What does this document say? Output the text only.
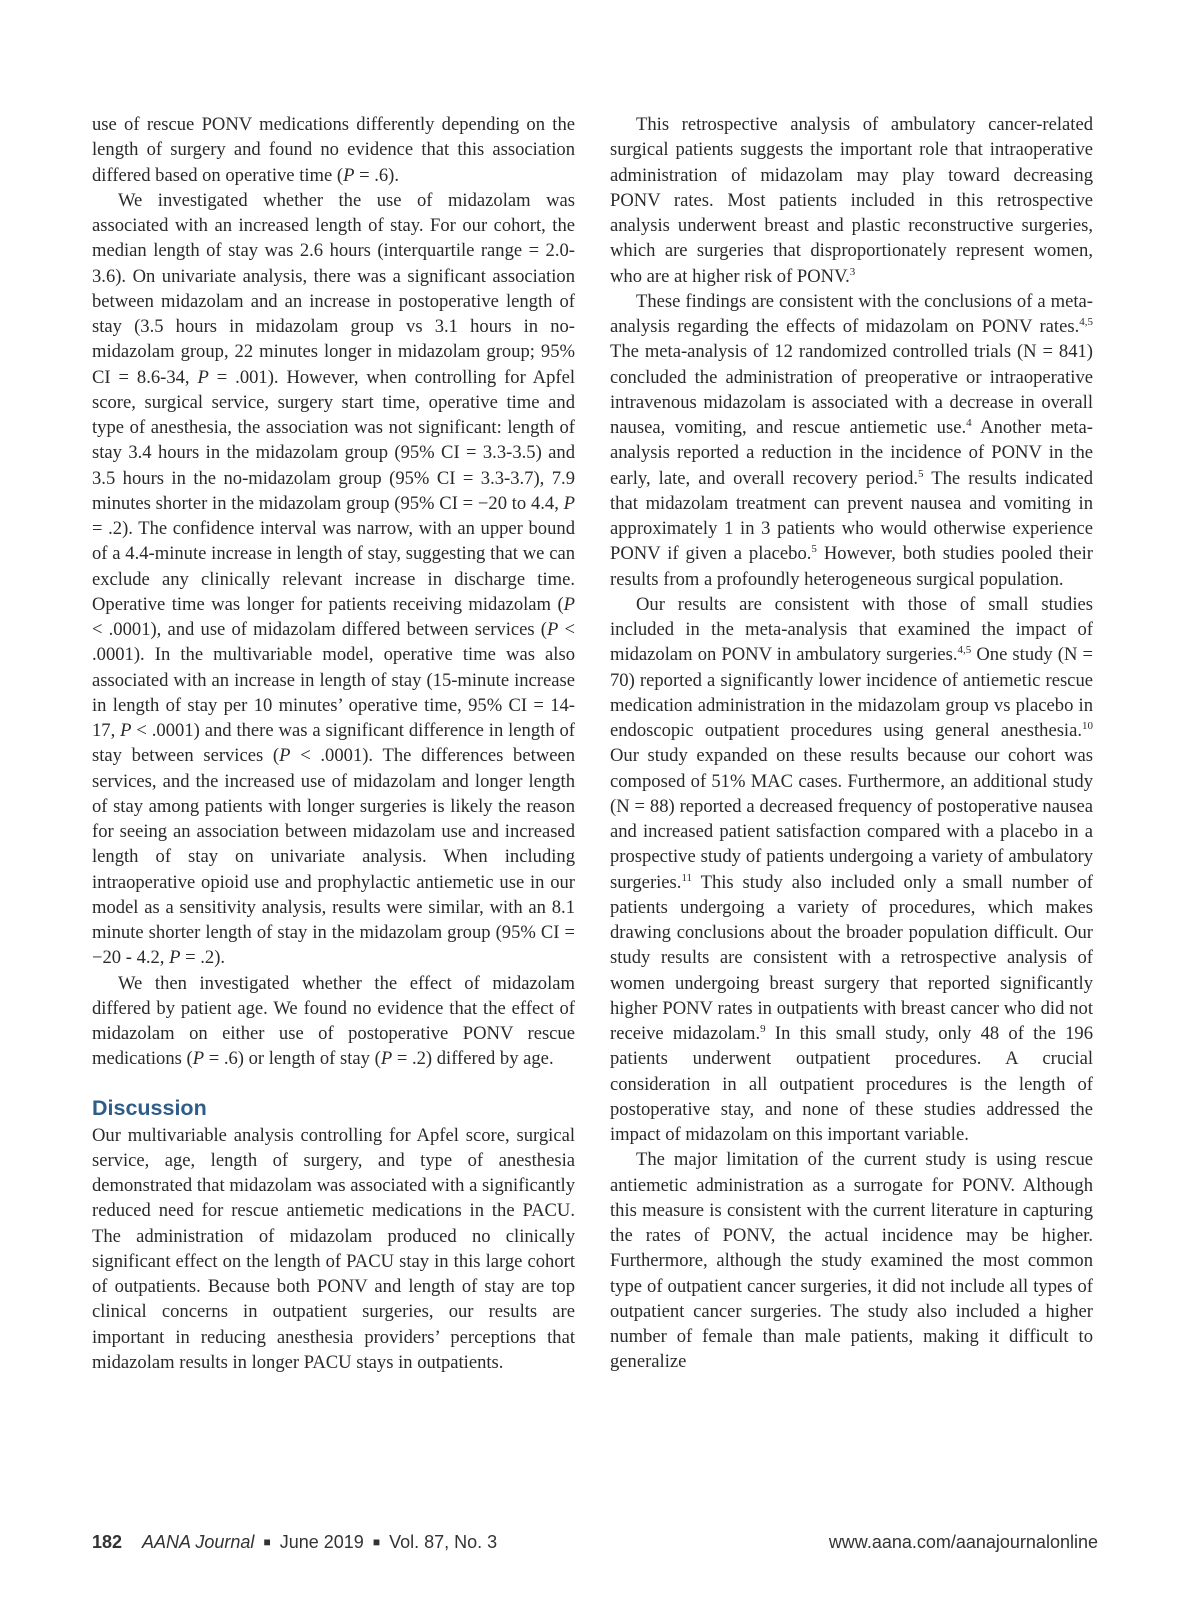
use of rescue PONV medications differently depending on the length of surgery and found no evidence that this association differed based on operative time (P = .6).

We investigated whether the use of midazolam was associated with an increased length of stay. For our cohort, the median length of stay was 2.6 hours (interquartile range = 2.0-3.6). On univariate analysis, there was a significant association between midazolam and an increase in postoperative length of stay (3.5 hours in midazolam group vs 3.1 hours in no-midazolam group, 22 minutes longer in midazolam group; 95% CI = 8.6-34, P = .001). However, when controlling for Apfel score, surgical service, surgery start time, operative time and type of anesthesia, the association was not significant: length of stay 3.4 hours in the midazolam group (95% CI = 3.3-3.5) and 3.5 hours in the no-midazolam group (95% CI = 3.3-3.7), 7.9 minutes shorter in the midazolam group (95% CI = −20 to 4.4, P = .2). The confidence interval was narrow, with an upper bound of a 4.4-minute increase in length of stay, suggesting that we can exclude any clinically relevant increase in discharge time. Operative time was longer for patients receiving midazolam (P < .0001), and use of midazolam differed between services (P < .0001). In the multivariable model, operative time was also associated with an increase in length of stay (15-minute increase in length of stay per 10 minutes’ operative time, 95% CI = 14-17, P < .0001) and there was a significant difference in length of stay between services (P < .0001). The differences between services, and the increased use of midazolam and longer length of stay among patients with longer surgeries is likely the reason for seeing an association between midazolam use and increased length of stay on univariate analysis. When including intraoperative opioid use and prophylactic antiemetic use in our model as a sensitivity analysis, results were similar, with an 8.1 minute shorter length of stay in the midazolam group (95% CI = −20 - 4.2, P = .2).

We then investigated whether the effect of midazolam differed by patient age. We found no evidence that the effect of midazolam on either use of postoperative PONV rescue medications (P = .6) or length of stay (P = .2) differed by age.

Discussion

Our multivariable analysis controlling for Apfel score, surgical service, age, length of surgery, and type of anesthesia demonstrated that midazolam was associated with a significantly reduced need for rescue antiemetic medications in the PACU. The administration of midazolam produced no clinically significant effect on the length of PACU stay in this large cohort of outpatients. Because both PONV and length of stay are top clinical concerns in outpatient surgeries, our results are important in reducing anesthesia providers’ perceptions that midazolam results in longer PACU stays in outpatients.

This retrospective analysis of ambulatory cancer-related surgical patients suggests the important role that intraoperative administration of midazolam may play toward decreasing PONV rates. Most patients included in this retrospective analysis underwent breast and plastic reconstructive surgeries, which are surgeries that disproportionately represent women, who are at higher risk of PONV.$^3$

These findings are consistent with the conclusions of a meta-analysis regarding the effects of midazolam on PONV rates.$^{4,5}$ The meta-analysis of 12 randomized controlled trials (N = 841) concluded the administration of preoperative or intraoperative intravenous midazolam is associated with a decrease in overall nausea, vomiting, and rescue antiemetic use.$^4$ Another meta-analysis reported a reduction in the incidence of PONV in the early, late, and overall recovery period.$^5$ The results indicated that midazolam treatment can prevent nausea and vomiting in approximately 1 in 3 patients who would otherwise experience PONV if given a placebo.$^5$ However, both studies pooled their results from a profoundly heterogeneous surgical population.

Our results are consistent with those of small studies included in the meta-analysis that examined the impact of midazolam on PONV in ambulatory surgeries.$^{4,5}$ One study (N = 70) reported a significantly lower incidence of antiemetic rescue medication administration in the midazolam group vs placebo in endoscopic outpatient procedures using general anesthesia.$^{10}$ Our study expanded on these results because our cohort was composed of 51% MAC cases. Furthermore, an additional study (N = 88) reported a decreased frequency of postoperative nausea and increased patient satisfaction compared with a placebo in a prospective study of patients undergoing a variety of ambulatory surgeries.$^{11}$ This study also included only a small number of patients undergoing a variety of procedures, which makes drawing conclusions about the broader population difficult. Our study results are consistent with a retrospective analysis of women undergoing breast surgery that reported significantly higher PONV rates in outpatients with breast cancer who did not receive midazolam.$^9$ In this small study, only 48 of the 196 patients underwent outpatient procedures. A crucial consideration in all outpatient procedures is the length of postoperative stay, and none of these studies addressed the impact of midazolam on this important variable.

The major limitation of the current study is using rescue antiemetic administration as a surrogate for PONV. Although this measure is consistent with the current literature in capturing the rates of PONV, the actual incidence may be higher. Furthermore, although the study examined the most common type of outpatient cancer surgeries, it did not include all types of outpatient cancer surgeries. The study also included a higher number of female than male patients, making it difficult to generalize

182 AANA Journal ■ June 2019 ■ Vol. 87, No. 3	www.aana.com/aanajournalonline
